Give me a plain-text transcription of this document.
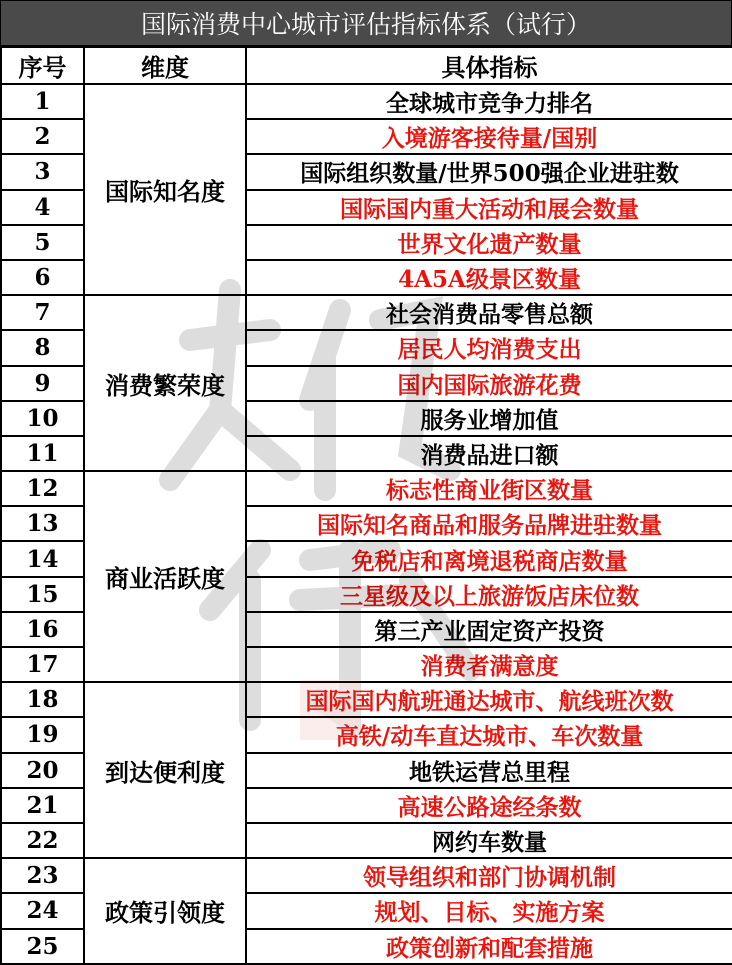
国际消费中心城市评估指标体系（试行）
序号	维度	具体指标
1	国际知名度	全球城市竞争力排名
2		入境游客接待量/国别
3		国际组织数量/世界500强企业进驻数
4		国际国内重大活动和展会数量
5		世界文化遗产数量
6		4A5A级景区数量
7	消费繁荣度	社会消费品零售总额
8		居民人均消费支出
9		国内国际旅游花费
10		服务业增加值
11		消费品进口额
12	商业活跃度	标志性商业街区数量
13		国际知名商品和服务品牌进驻数量
14		免税店和离境退税商店数量
15		三星级及以上旅游饭店床位数
16		第三产业固定资产投资
17		消费者满意度
18	到达便利度	国际国内航班通达城市、航线班次数
19		高铁/动车直达城市、车次数量
20		地铁运营总里程
21		高速公路途经条数
22		网约车数量
23	政策引领度	领导组织和部门协调机制
24		规划、目标、实施方案
25		政策创新和配套措施
